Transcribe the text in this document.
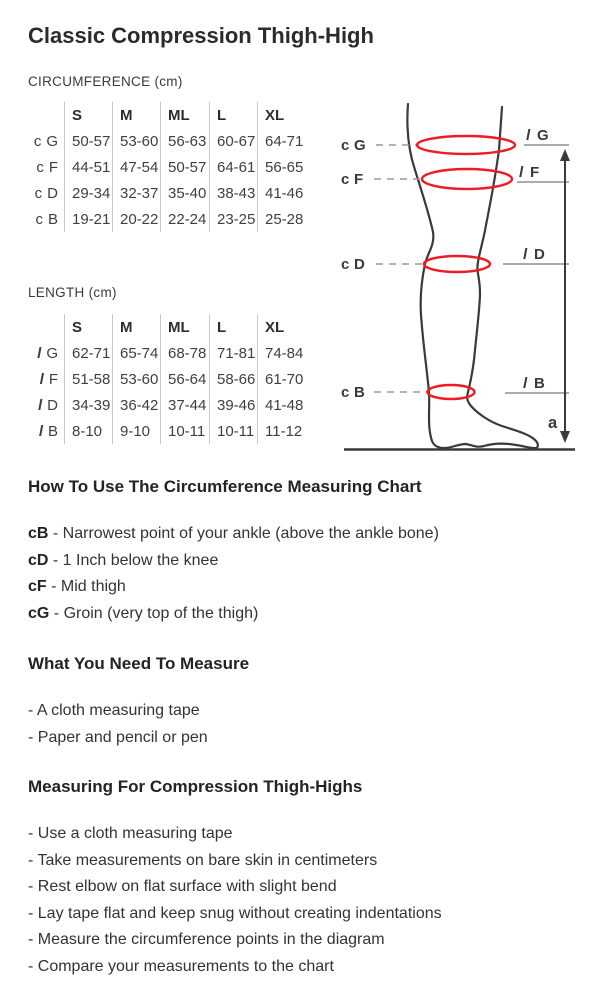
Classic Compression Thigh-High
CIRCUMFERENCE (cm)
S	M	ML	L	XL
c G 50-57 53-60 56-63 60-67 64-71
c F 44-51 47-54 50-57 64-61 56-65
c D 29-34 32-37 35-40 38-43 41-46
c B 19-21 20-22 22-24 23-25 25-28
LENGTH (cm)
S	M	ML	L	XL
l G 62-71 65-74 68-78 71-81 74-84
l F 51-58 53-60 56-64 58-66 61-70
l D 34-39 36-42 37-44 39-46 41-48
l B 8-10	9-10	10-11 10-11 11-12
c G
c F
c D
c B
l G
l F
l D
l B
a
How To Use The Circumference Measuring Chart
cB - Narrowest point of your ankle (above the ankle bone)
cD - 1 Inch below the knee
cF - Mid thigh
cG - Groin (very top of the thigh)
What You Need To Measure
- A cloth measuring tape
- Paper and pencil or pen
Measuring For Compression Thigh-Highs
- Use a cloth measuring tape
- Take measurements on bare skin in centimeters
- Rest elbow on flat surface with slight bend
- Lay tape flat and keep snug without creating indentations
- Measure the circumference points in the diagram
- Compare your measurements to the chart
